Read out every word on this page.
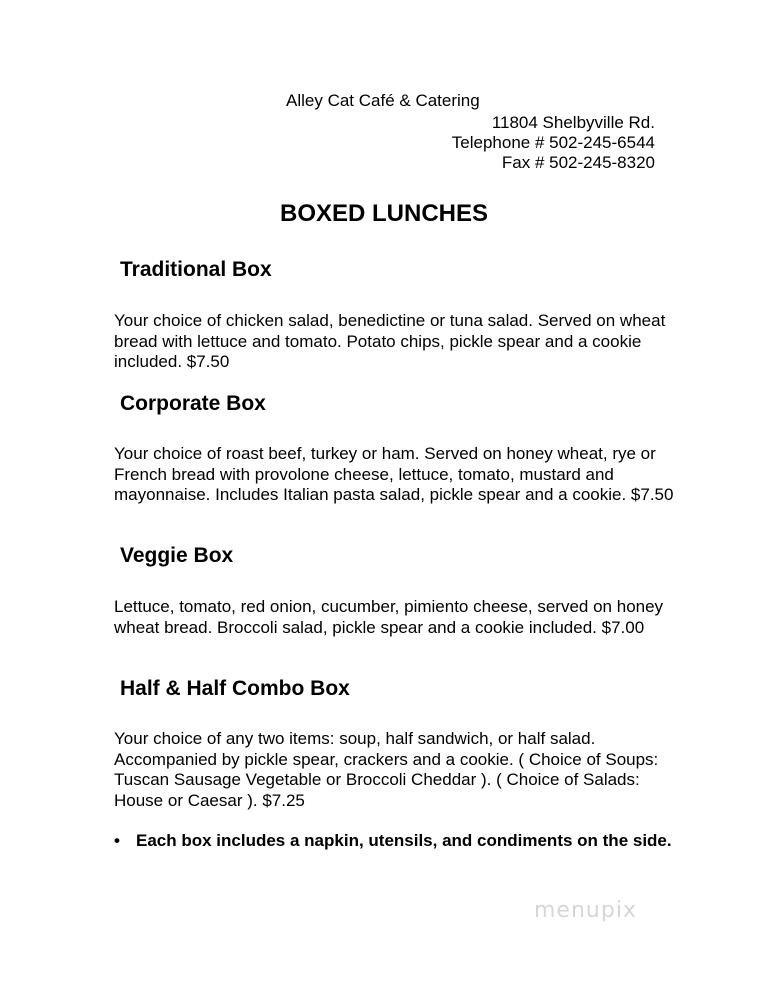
Alley Cat Café & Catering
11804 Shelbyville Rd.
Telephone # 502-245-6544
Fax # 502-245-8320
BOXED LUNCHES
Traditional Box

Your choice of chicken salad, benedictine or tuna salad. Served on wheat bread with lettuce and tomato. Potato chips, pickle spear and a cookie included. $7.50

Corporate Box

Your choice of roast beef, turkey or ham. Served on honey wheat, rye or French bread with provolone cheese, lettuce, tomato, mustard and mayonnaise. Includes Italian pasta salad, pickle spear and a cookie. $7.50

Veggie Box

Lettuce, tomato, red onion, cucumber, pimiento cheese, served on honey wheat bread. Broccoli salad, pickle spear and a cookie included. $7.00

Half & Half Combo Box

Your choice of any two items: soup, half sandwich, or half salad. Accompanied by pickle spear, crackers and a cookie. ( Choice of Soups: Tuscan Sausage Vegetable or Broccoli Cheddar ). ( Choice of Salads: House or Caesar ). $7.25

• Each box includes a napkin, utensils, and condiments on the side.
menupix
